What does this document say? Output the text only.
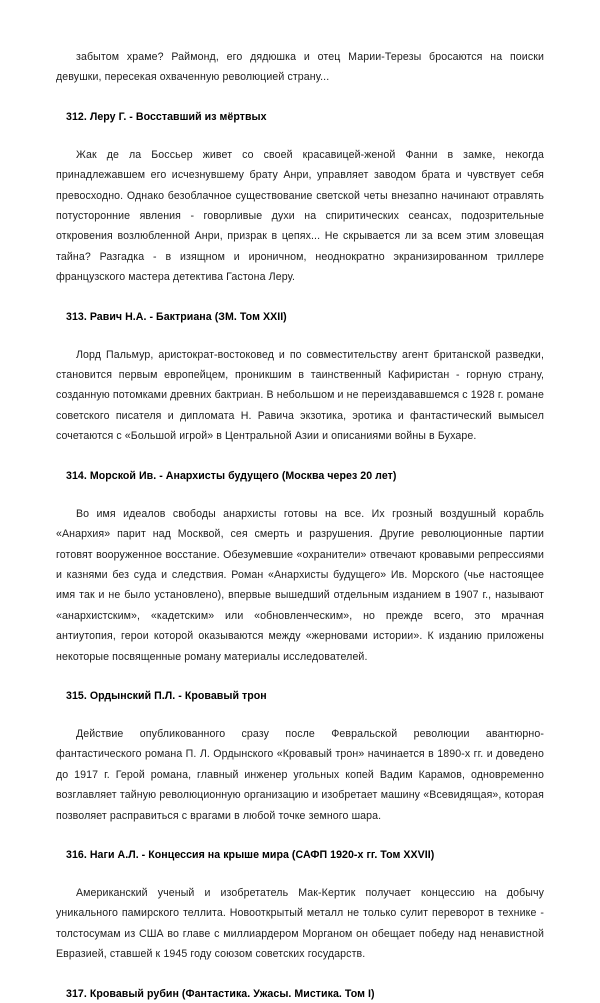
забытом храме? Раймонд, его дядюшка и отец Марии-Терезы бросаются на поиски девушки, пересекая охваченную революцией страну...

312. Леру Г. - Восставший из мёртвых

Жак де ла Боссьер живет со своей красавицей-женой Фанни в замке, некогда принадлежавшем его исчезнувшему брату Анри, управляет заводом брата и чувствует себя превосходно. Однако безоблачное существование светской четы внезапно начинают отравлять потусторонние явления - говорливые духи на спиритических сеансах, подозрительные откровения возлюбленной Анри, призрак в цепях... Не скрывается ли за всем этим зловещая тайна? Разгадка - в изящном и ироничном, неоднократно экранизированном триллере французского мастера детектива Гастона Леру.

313. Равич Н.А. - Бактриана (ЗМ. Том XXII)

Лорд Пальмур, аристократ-востоковед и по совместительству агент британской разведки, становится первым европейцем, проникшим в таинственный Кафиристан - горную страну, созданную потомками древних бактриан. В небольшом и не переиздававшемся с 1928 г. романе советского писателя и дипломата Н. Равича экзотика, эротика и фантастический вымысел сочетаются с «Большой игрой» в Центральной Азии и описаниями войны в Бухаре.

314. Морской Ив. - Анархисты будущего (Москва через 20 лет)

Во имя идеалов свободы анархисты готовы на все. Их грозный воздушный корабль «Анархия» парит над Москвой, сея смерть и разрушения. Другие революционные партии готовят вооруженное восстание. Обезумевшие «охранители» отвечают кровавыми репрессиями и казнями без суда и следствия. Роман «Анархисты будущего» Ив. Морского (чье настоящее имя так и не было установлено), впервые вышедший отдельным изданием в 1907 г., называют «анархистским», «кадетским» или «обновленческим», но прежде всего, это мрачная антиутопия, герои которой оказываются между «жерновами истории». К изданию приложены некоторые посвященные роману материалы исследователей.

315. Ордынский П.Л. - Кровавый трон

Действие опубликованного сразу после Февральской революции авантюрно-фантастического романа П. Л. Ордынского «Кровавый трон» начинается в 1890-х гг. и доведено до 1917 г. Герой романа, главный инженер угольных копей Вадим Карамов, одновременно возглавляет тайную революционную организацию и изобретает машину «Всевидящая», которая позволяет расправиться с врагами в любой точке земного шара.

316. Наги А.Л. - Концессия на крыше мира (САФП 1920-х гг. Том XXVII)

Американский ученый и изобретатель Мак-Кертик получает концессию на добычу уникального памирского теллита. Новооткрытый металл не только сулит переворот в технике - толстосумам из США во главе с миллиардером Морганом он обещает победу над ненавистной Евразией, ставшей к 1945 году союзом советских государств.

317. Кровавый рубин (Фантастика. Ужасы. Мистика. Том I)
